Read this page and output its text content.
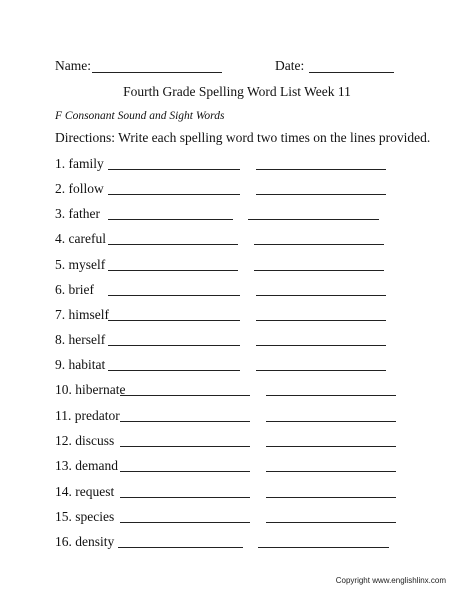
Name:	Date:
Fourth Grade Spelling Word List Week 11
F Consonant Sound and Sight Words
Directions: Write each spelling word two times on the lines provided.
1. family
2. follow
3. father
4. careful
5. myself
6. brief
7. himself
8. herself
9. habitat
10. hibernate
11. predator
12. discuss
13. demand
14. request
15. species
16. density
Copyright www.englishlinx.com
